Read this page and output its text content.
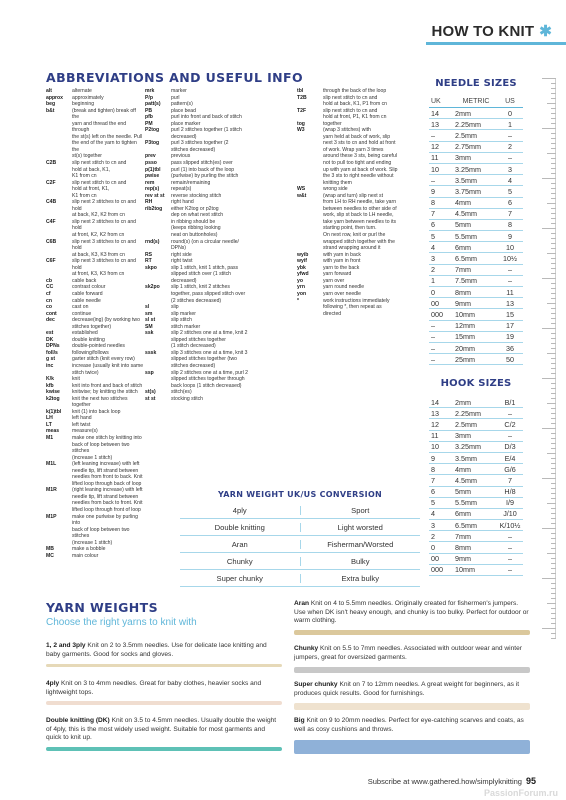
HOW TO KNIT ✱
ABBREVIATIONS AND USEFUL INFO
alt	alternate
approx	approximately
beg	beginning
b&t	(break and tighten) break off the
yarn and thread the end through
the st(s) left on the needle. Pull
the end of the yarn to tighten the
st(s) together
C2B	slip next stitch to cn and
hold at back, K1,
K1 from cn
C2F	slip next stitch to cn and
hold at front, K1,
K1 from cn
C4B	slip next 2 stitches to cn and hold
at back, K2, K2 from cn
C4F	slip next 2 stitches to cn and hold
at front, K2, K2 from cn
C6B	slip next 3 stitches to cn and hold
at back, K3, K3 from cn
C6F	slip next 3 stitches to cn and hold
at front, K3, K3 from cn
cb	cable back
CC	contrast colour
cf	cable forward
cn	cable needle
co	cast on
cont	continue
dec	decrease(ing) (by working two
stitches together)
est	established
DK	double knitting
DPNs	double-pointed needles
foll/s	following/follows
g st	garter stitch (knit every row)
inc	increase (usually knit into same
stitch twice)
K/k	knit
kfb	knit into front and back of stitch
kwise	knitwise; by knitting the stitch
k2tog	knit the next two stitches
together
k(1)tbl	knit (1) into back loop
LH	left hand
LT	left twist
meas	measure(s)
M1	make one stitch by knitting into
back of loop between two stitches
(increase 1 stitch)
M1L	(left leaning increase) with left
needle tip, lift strand between
needles from front to back. Knit
lifted loop through back of loop
M1R	(right leaning increase) with left
needle tip, lift strand between
needles from back to front. Knit
lifted loop through front of loop
M1P	make one purlwise by purling into
back of loop between two stitches
(increase 1 stitch)
MB	make a bobble
MC	main colour
mrk	marker
P/p	purl
patt(s)	pattern(s)
PB	place bead
pfb	purl into front and back of stitch
PM	place marker
P2tog	purl 2 stitches together (1 stitch
decreased)
P3tog	purl 3 stitches together (2
stitches decreased)
prev	previous
psso	pass slipped stitch(es) over
p(1)tbl	purl (1) into back of the loop
pwise	(purlwise) by purling the stitch
rem	remain/remaining
rep(s)	repeat(s)
rev st st	reverse stocking stitch
RH	right hand
rib2tog	either K2tog or p2tog
dep on what next stitch
in ribbing should be
(keeps ribbing looking
neat on buttonholes)
rnd(s)	round(s) (on a circular needle/
DPNs)
RS	right side
RT	right twist
skpo	slip 1 stitch, knit 1 stitch, pass
slipped stitch over (1 stitch
decreased)
sk2po	slip 1 stitch, knit 2 stitches
together, pass slipped stitch over
(2 stitches decreased)
sl	slip
sm	slip marker
sl st	slip stitch
SM	stitch marker
ssk	slip 2 stitches one at a time, knit 2
slipped stitches together
(1 stitch decreased)
sssk	slip 3 stitches one at a time, knit 3
slipped stitches together (two
stitches decreased)
ssp	slip 2 stitches one at a time, purl 2
slipped stitches together through
back loops (1 stitch decreased)
st(s)	stitch(es)
st st	stocking stitch
tbl	through the back of the loop
T2B	slip next stitch to cn and
hold at back, K1, P1 from cn
T2F	slip next stitch to cn and
hold at front, P1, K1 from cn
tog	together
W3	(wrap 3 stitches) with
yarn held at back of work, slip
next 3 sts to cn and hold at front
of work. Wrap yarn 3 times
around these 3 sts, being careful
not to pull too tight and ending
up with yarn at back of work. Slip
the 3 sts to right needle without
knitting them
WS	wrong side
w&t	(wrap and turn) slip next st
from LH to RH needle, take yarn
between needles to other side of
work, slip st back to LH needle,
take yarn between needles to its
starting point, then turn.
On next row, knit or purl the
wrapped stitch together with the
strand wrapping around it
wyib	with yarn in back
wyif	with yarn in front
ybk	yarn to the back
yfwd	yarn forward
yo	yarn over
yrn	yarn round needle
yon	yarn over needle
*	work instructions immediately
following *, then repeat as
directed
NEEDLE SIZES
UK	METRIC	US
14	2mm	0
13	2.25mm	1
–	2.5mm	–
12	2.75mm	2
11	3mm	–
10	3.25mm	3
–	3.5mm	4
9	3.75mm	5
8	4mm	6
7	4.5mm	7
6	5mm	8
5	5.5mm	9
4	6mm	10
3	6.5mm	10½
2	7mm	–
1	7.5mm	–
0	8mm	11
00	9mm	13
000	10mm	15
–	12mm	17
–	15mm	19
–	20mm	36
–	25mm	50
HOOK SIZES
14	2mm	B/1
13	2.25mm	–
12	2.5mm	C/2
11	3mm	–
10	3.25mm	D/3
9	3.5mm	E/4
8	4mm	G/6
7	4.5mm	7
6	5mm	H/8
5	5.5mm	I/9
4	6mm	J/10
3	6.5mm	K/10½
2	7mm	–
0	8mm	–
00	9mm	–
000	10mm	–
YARN WEIGHT UK/US CONVERSION
4ply	Sport
Double knitting	Light worsted
Aran	Fisherman/Worsted
Chunky	Bulky
Super chunky	Extra bulky
YARN WEIGHTS
Choose the right yarns to knit with
1, 2 and 3ply Knit on 2 to 3.5mm needles. Use for delicate lace knitting and baby garments. Good for socks and gloves.
4ply Knit on 3 to 4mm needles. Great for baby clothes, heavier socks and lightweight tops.
Double knitting (DK) Knit on 3.5 to 4.5mm needles. Usually double the weight of 4ply, this is the most widely used weight. Suitable for most garments and quick to knit up.
Aran Knit on 4 to 5.5mm needles. Originally created for fishermen's jumpers. Use when DK isn't heavy enough, and chunky is too bulky. Perfect for outdoor or warm clothing.
Chunky Knit on 5.5 to 7mm needles. Associated with outdoor wear and winter jumpers, great for oversized garments.
Super chunky Knit on 7 to 12mm needles. A great weight for beginners, as it produces quick results. Good for furnishings.
Big Knit on 9 to 20mm needles. Perfect for eye-catching scarves and coats, as well as cosy cushions and throws.
Subscribe at www.gathered.how/simplyknitting 95
PassionForum.ru
